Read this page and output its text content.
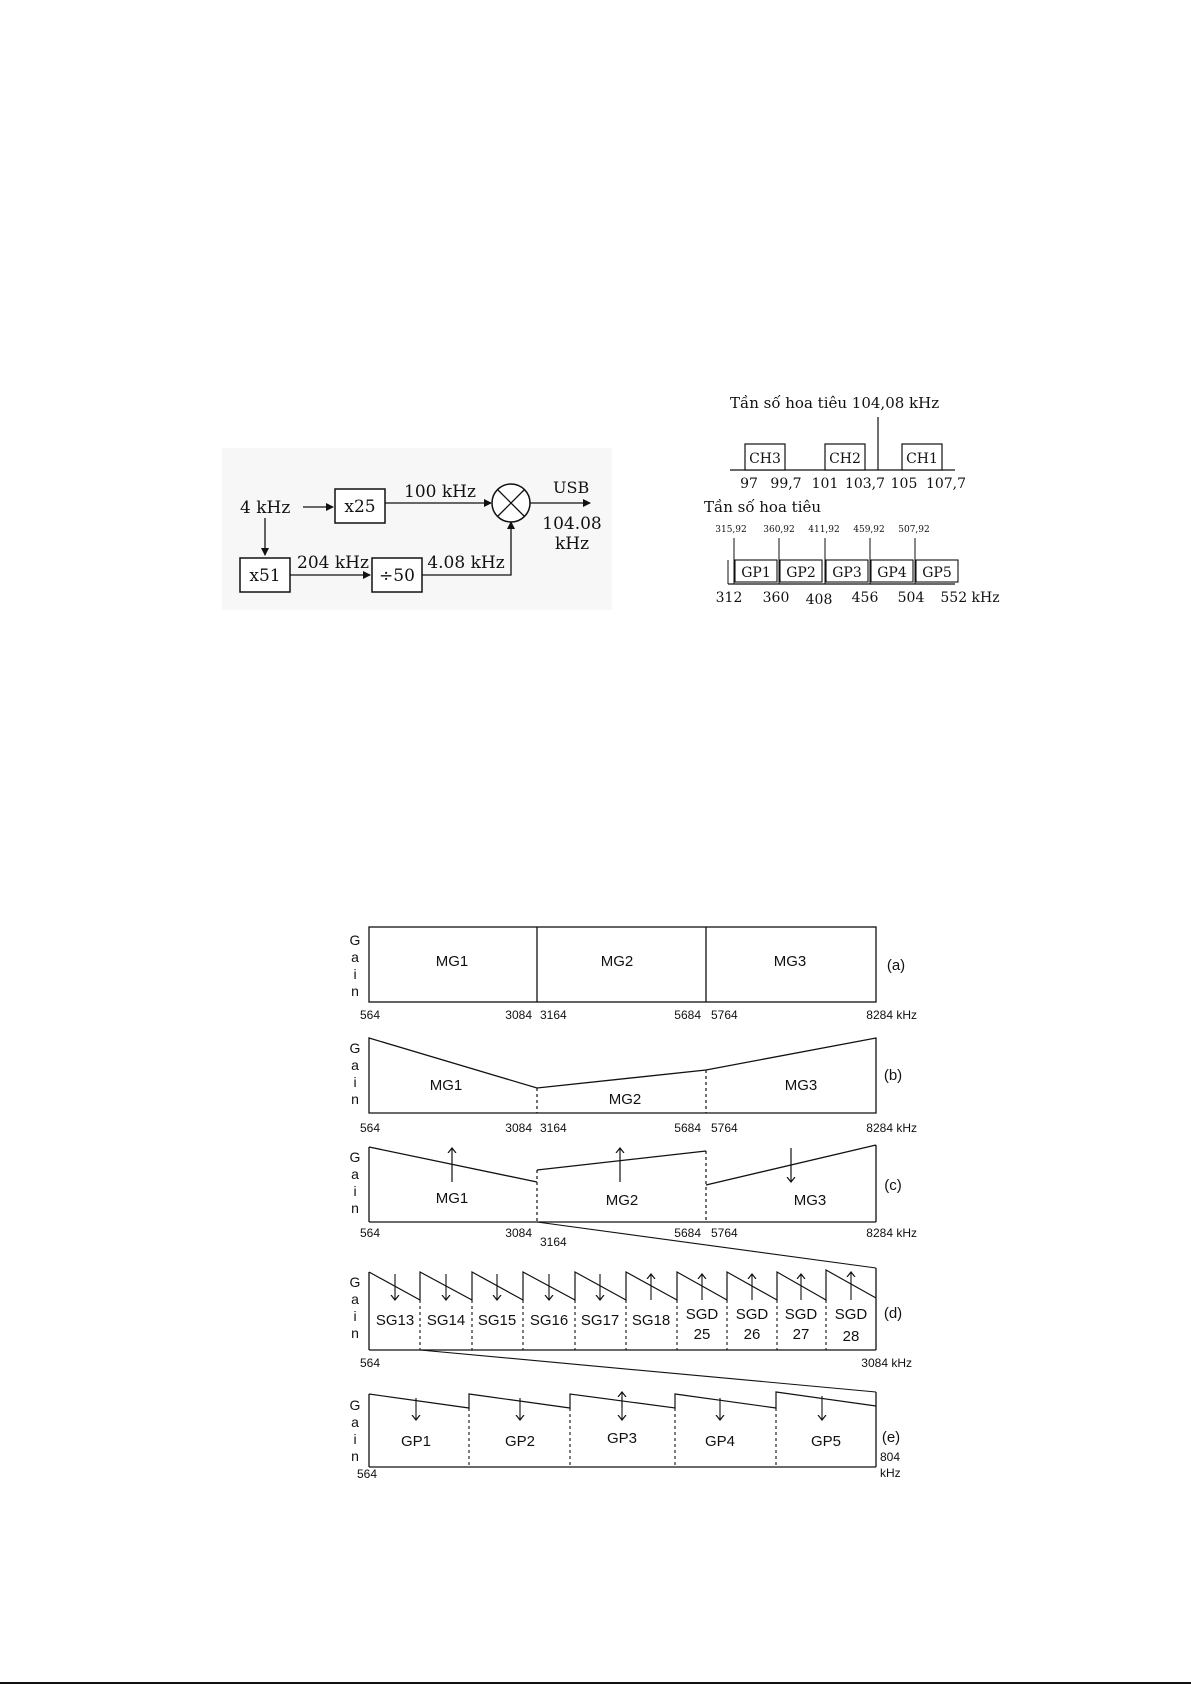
4 kHz	x25
x51
204 kHz
÷50
4.08 kHz
100 kHz	USB
104.08
kHz
Tần số hoa tiêu 104,08 kHz
CH3	CH2	CH1
97 99,7 101 103,7 105 107,7
Tần số hoa tiêu
315,92 360,92 411,92 459,92 507,92
GP1 GP2 GP3 GP4 GP5
312 360 408 456 504 552 kHz
G
a
i
n
MG1	MG2	MG3	(a)
564	3084 3164	5684 5764	8284 kHz
G
a
i
n
MG1
MG2
MG3
(b)
564	3084 3164	5684 5764	8284 kHz
G
a
i
n
MG1	MG2	MG3
(c)
564	3084
3164
5684 5764	8284 kHz
G
a
i
n
SG13 SG14 SG15 SG16 SG17 SG18 SGD
25
SGD
26
SGD
27
SGD
28
(d)
564	3084 kHz
G
a
i
n
GP1	GP2	GP3	GP4	GP5	(e)
564
804
kHz
